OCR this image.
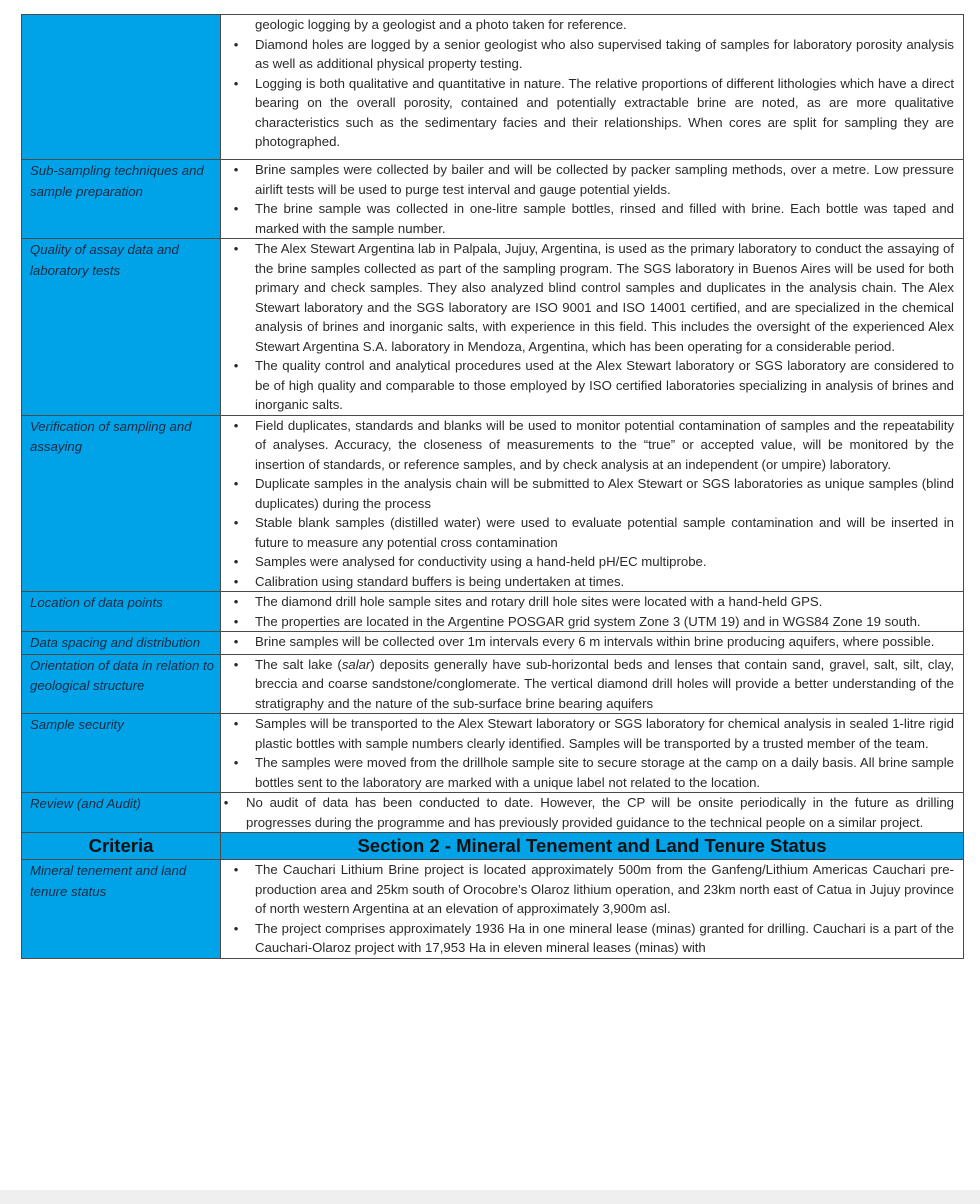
geologic logging by a geologist and a photo taken for reference.
• Diamond holes are logged by a senior geologist who also supervised taking of samples for laboratory porosity analysis as well as additional physical property testing.
• Logging is both qualitative and quantitative in nature. The relative proportions of different lithologies which have a direct bearing on the overall porosity, contained and potentially extractable brine are noted, as are more qualitative characteristics such as the sedimentary facies and their relationships. When cores are split for sampling they are photographed.

Sub-sampling techniques and sample preparation	
• Brine samples were collected by bailer and will be collected by packer sampling methods, over a metre. Low pressure airlift tests will be used to purge test interval and gauge potential yields.
• The brine sample was collected in one-litre sample bottles, rinsed and filled with brine. Each bottle was taped and marked with the sample number.

Quality of assay data and laboratory tests	
• The Alex Stewart Argentina lab in Palpala, Jujuy, Argentina, is used as the primary laboratory to conduct the assaying of the brine samples collected as part of the sampling program. The SGS laboratory in Buenos Aires will be used for both primary and check samples. They also analyzed blind control samples and duplicates in the analysis chain. The Alex Stewart laboratory and the SGS laboratory are ISO 9001 and ISO 14001 certified, and are specialized in the chemical analysis of brines and inorganic salts, with experience in this field. This includes the oversight of the experienced Alex Stewart Argentina S.A. laboratory in Mendoza, Argentina, which has been operating for a considerable period.
• The quality control and analytical procedures used at the Alex Stewart laboratory or SGS laboratory are considered to be of high quality and comparable to those employed by ISO certified laboratories specializing in analysis of brines and inorganic salts.

Verification of sampling and assaying	
• Field duplicates, standards and blanks will be used to monitor potential contamination of samples and the repeatability of analyses. Accuracy, the closeness of measurements to the “true” or accepted value, will be monitored by the insertion of standards, or reference samples, and by check analysis at an independent (or umpire) laboratory.
• Duplicate samples in the analysis chain will be submitted to Alex Stewart or SGS laboratories as unique samples (blind duplicates) during the process
• Stable blank samples (distilled water) were used to evaluate potential sample contamination and will be inserted in future to measure any potential cross contamination
• Samples were analysed for conductivity using a hand-held pH/EC multiprobe.
• Calibration using standard buffers is being undertaken at times.

Location of data points	• The diamond drill hole sample sites and rotary drill hole sites were located with a hand-held GPS.
• The properties are located in the Argentine POSGAR grid system Zone 3 (UTM 19) and in WGS84 Zone 19 south.

Data spacing and distribution	• Brine samples will be collected over 1m intervals every 6 m intervals within brine producing aquifers, where possible.

Orientation of data in relation to geological structure	
• The salt lake (salar) deposits generally have sub-horizontal beds and lenses that contain sand, gravel, salt, silt, clay, breccia and coarse sandstone/conglomerate. The vertical diamond drill holes will provide a better understanding of the stratigraphy and the nature of the sub-surface brine bearing aquifers

Sample security	• Samples will be transported to the Alex Stewart laboratory or SGS laboratory for chemical analysis in sealed 1-litre rigid plastic bottles with sample numbers clearly identified. Samples will be transported by a trusted member of the team.
• The samples were moved from the drillhole sample site to secure storage at the camp on a daily basis. All brine sample bottles sent to the laboratory are marked with a unique label not related to the location.

Review (and Audit)	• No audit of data has been conducted to date. However, the CP will be onsite periodically in the future as drilling progresses during the programme and has previously provided guidance to the technical people on a similar project.

Criteria	Section 2 - Mineral Tenement and Land Tenure Status
Mineral tenement and land tenure status	
• The Cauchari Lithium Brine project is located approximately 500m from the Ganfeng/Lithium Americas Cauchari pre-production area and 25km south of Orocobre’s Olaroz lithium operation, and 23km north east of Catua in Jujuy province of north western Argentina at an elevation of approximately 3,900m asl.
• The project comprises approximately 1936 Ha in one mineral lease (minas) granted for drilling. Cauchari is a part of the Cauchari-Olaroz project with 17,953 Ha in eleven mineral leases (minas) with
